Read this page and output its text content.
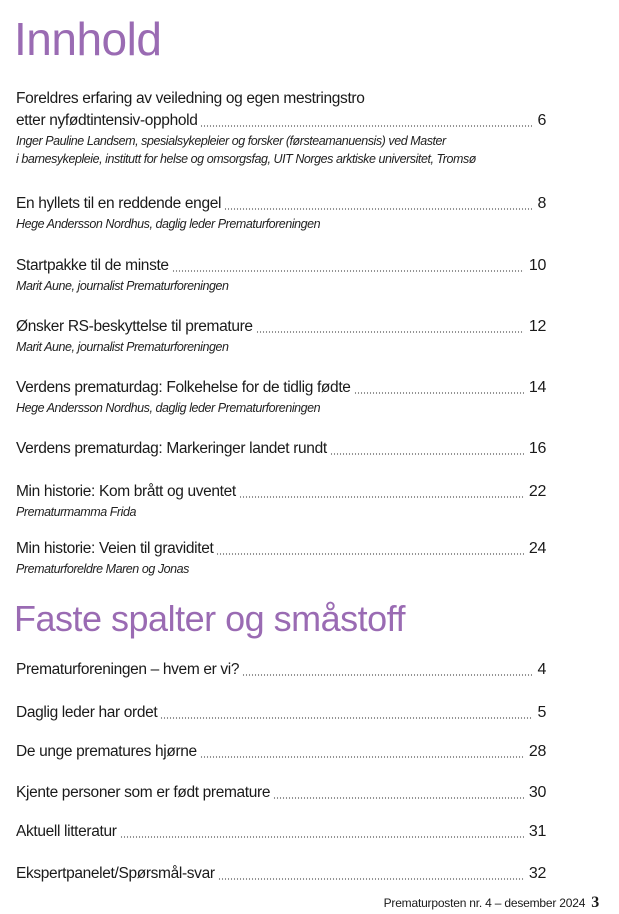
Innhold
Foreldres erfaring av veiledning og egen mestringstro
etter nyfødtintensiv-opphold	6
Inger Pauline Landsem, spesialsykepleier og forsker (førsteamanuensis) ved Master
i barnesykepleie, institutt for helse og omsorgsfag, UIT Norges arktiske universitet, Tromsø
En hyllets til en reddende engel	8
Hege Andersson Nordhus, daglig leder Prematurforeningen
Startpakke til de minste	10
Marit Aune, journalist Prematurforeningen
Ønsker RS-beskyttelse til premature	12
Marit Aune, journalist Prematurforeningen
Verdens prematurdag: Folkehelse for de tidlig fødte	14
Hege Andersson Nordhus, daglig leder Prematurforeningen
Verdens prematurdag: Markeringer landet rundt	16
Min historie: Kom brått og uventet	22
Prematurmamma Frida
Min historie: Veien til graviditet	24
Prematurforeldre Maren og Jonas
Faste spalter og småstoff
Prematurforeningen – hvem er vi?	4
Daglig leder har ordet	5
De unge prematures hjørne	28
Kjente personer som er født premature	30
Aktuell litteratur	31
Ekspertpanelet/Spørsmål-svar	32
Prematurposten nr. 4 – desember 2024 3
